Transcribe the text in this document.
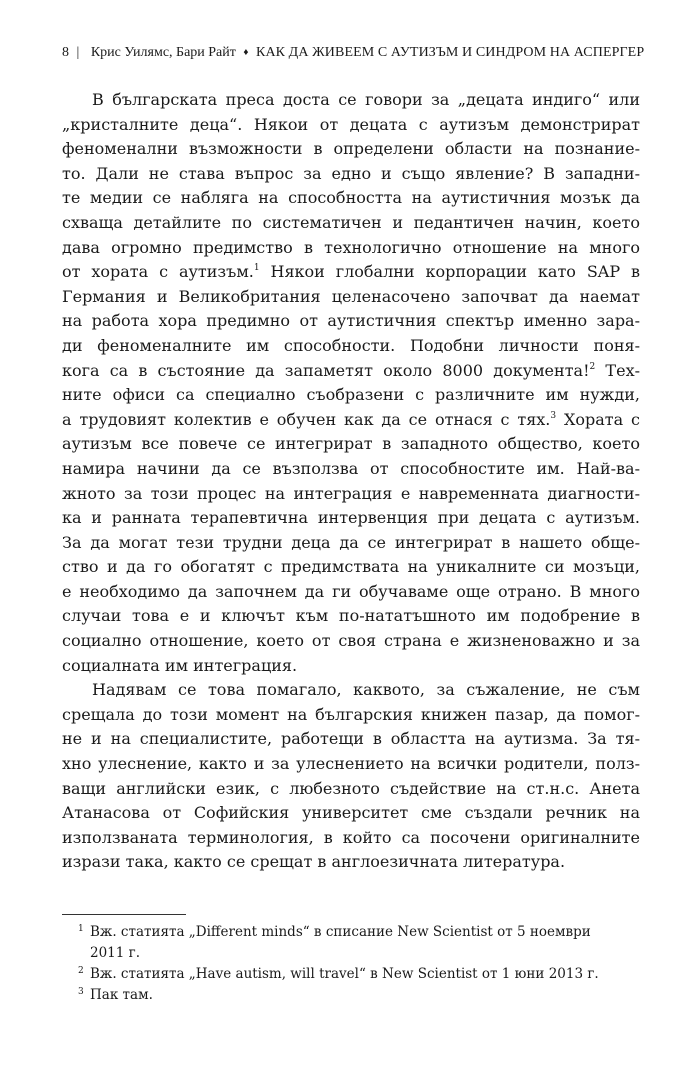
8 | Крис Уилямс, Бари Райт ♦ КАК ДА ЖИВЕЕМ С АУТИЗЪМ И СИНДРОМ НА АСПЕРГЕР
В българската преса доста се говори за „децата индиго“ или
„кристалните деца“. Някои от децата с аутизъм демонстрират
феноменални възможности в определени области на познание-
то. Дали не става въпрос за едно и също явление? В западни-
те медии се набляга на способността на аутистичния мозък да
схваща детайлите по систематичен и педантичен начин, което
дава огромно предимство в технологично отношение на много
от хората с аутизъм.$^1$ Някои глобални корпорации като SAP в
Германия и Великобритания целенасочено започват да наемат
на работа хора предимно от аутистичния спектър именно зара-
ди феноменалните им способности. Подобни личности поня-
кога са в състояние да запаметят около 8000 документа!$^2$ Тех-
ните офиси са специално съобразени с различните им нужди,
а трудовият колектив е обучен как да се отнася с тях.$^3$ Хората с
аутизъм все повече се интегрират в западното общество, което
намира начини да се възползва от способностите им. Най-ва-
жното за този процес на интеграция е навременната диагности-
ка и ранната терапевтична интервенция при децата с аутизъм.
За да могат тези трудни деца да се интегрират в нашето обще-
ство и да го обогатят с предимствата на уникалните си мозъци,
е необходимо да започнем да ги обучаваме още отрано. В много
случаи това е и ключът към по-нататъшното им подобрение в
социално отношение, което от своя страна е жизненоважно и за
социалната им интеграция.
Надявам се това помагало, каквото, за съжаление, не съм
срещала до този момент на българския книжен пазар, да помог-
не и на специалистите, работещи в областта на аутизма. За тя-
хно улеснение, както и за улеснението на всички родители, полз-
ващи английски език, с любезното съдействие на ст.н.с. Анета
Атанасова от Софийския университет сме създали речник на
използваната терминология, в който са посочени оригиналните
изрази така, както се срещат в англоезичната литература.
1 Вж. статията „Different minds“ в списание New Scientist от 5 ноември
2011 г.
2 Вж. статията „Have autism, will travel“ в New Scientist от 1 юни 2013 г.
3 Пак там.
